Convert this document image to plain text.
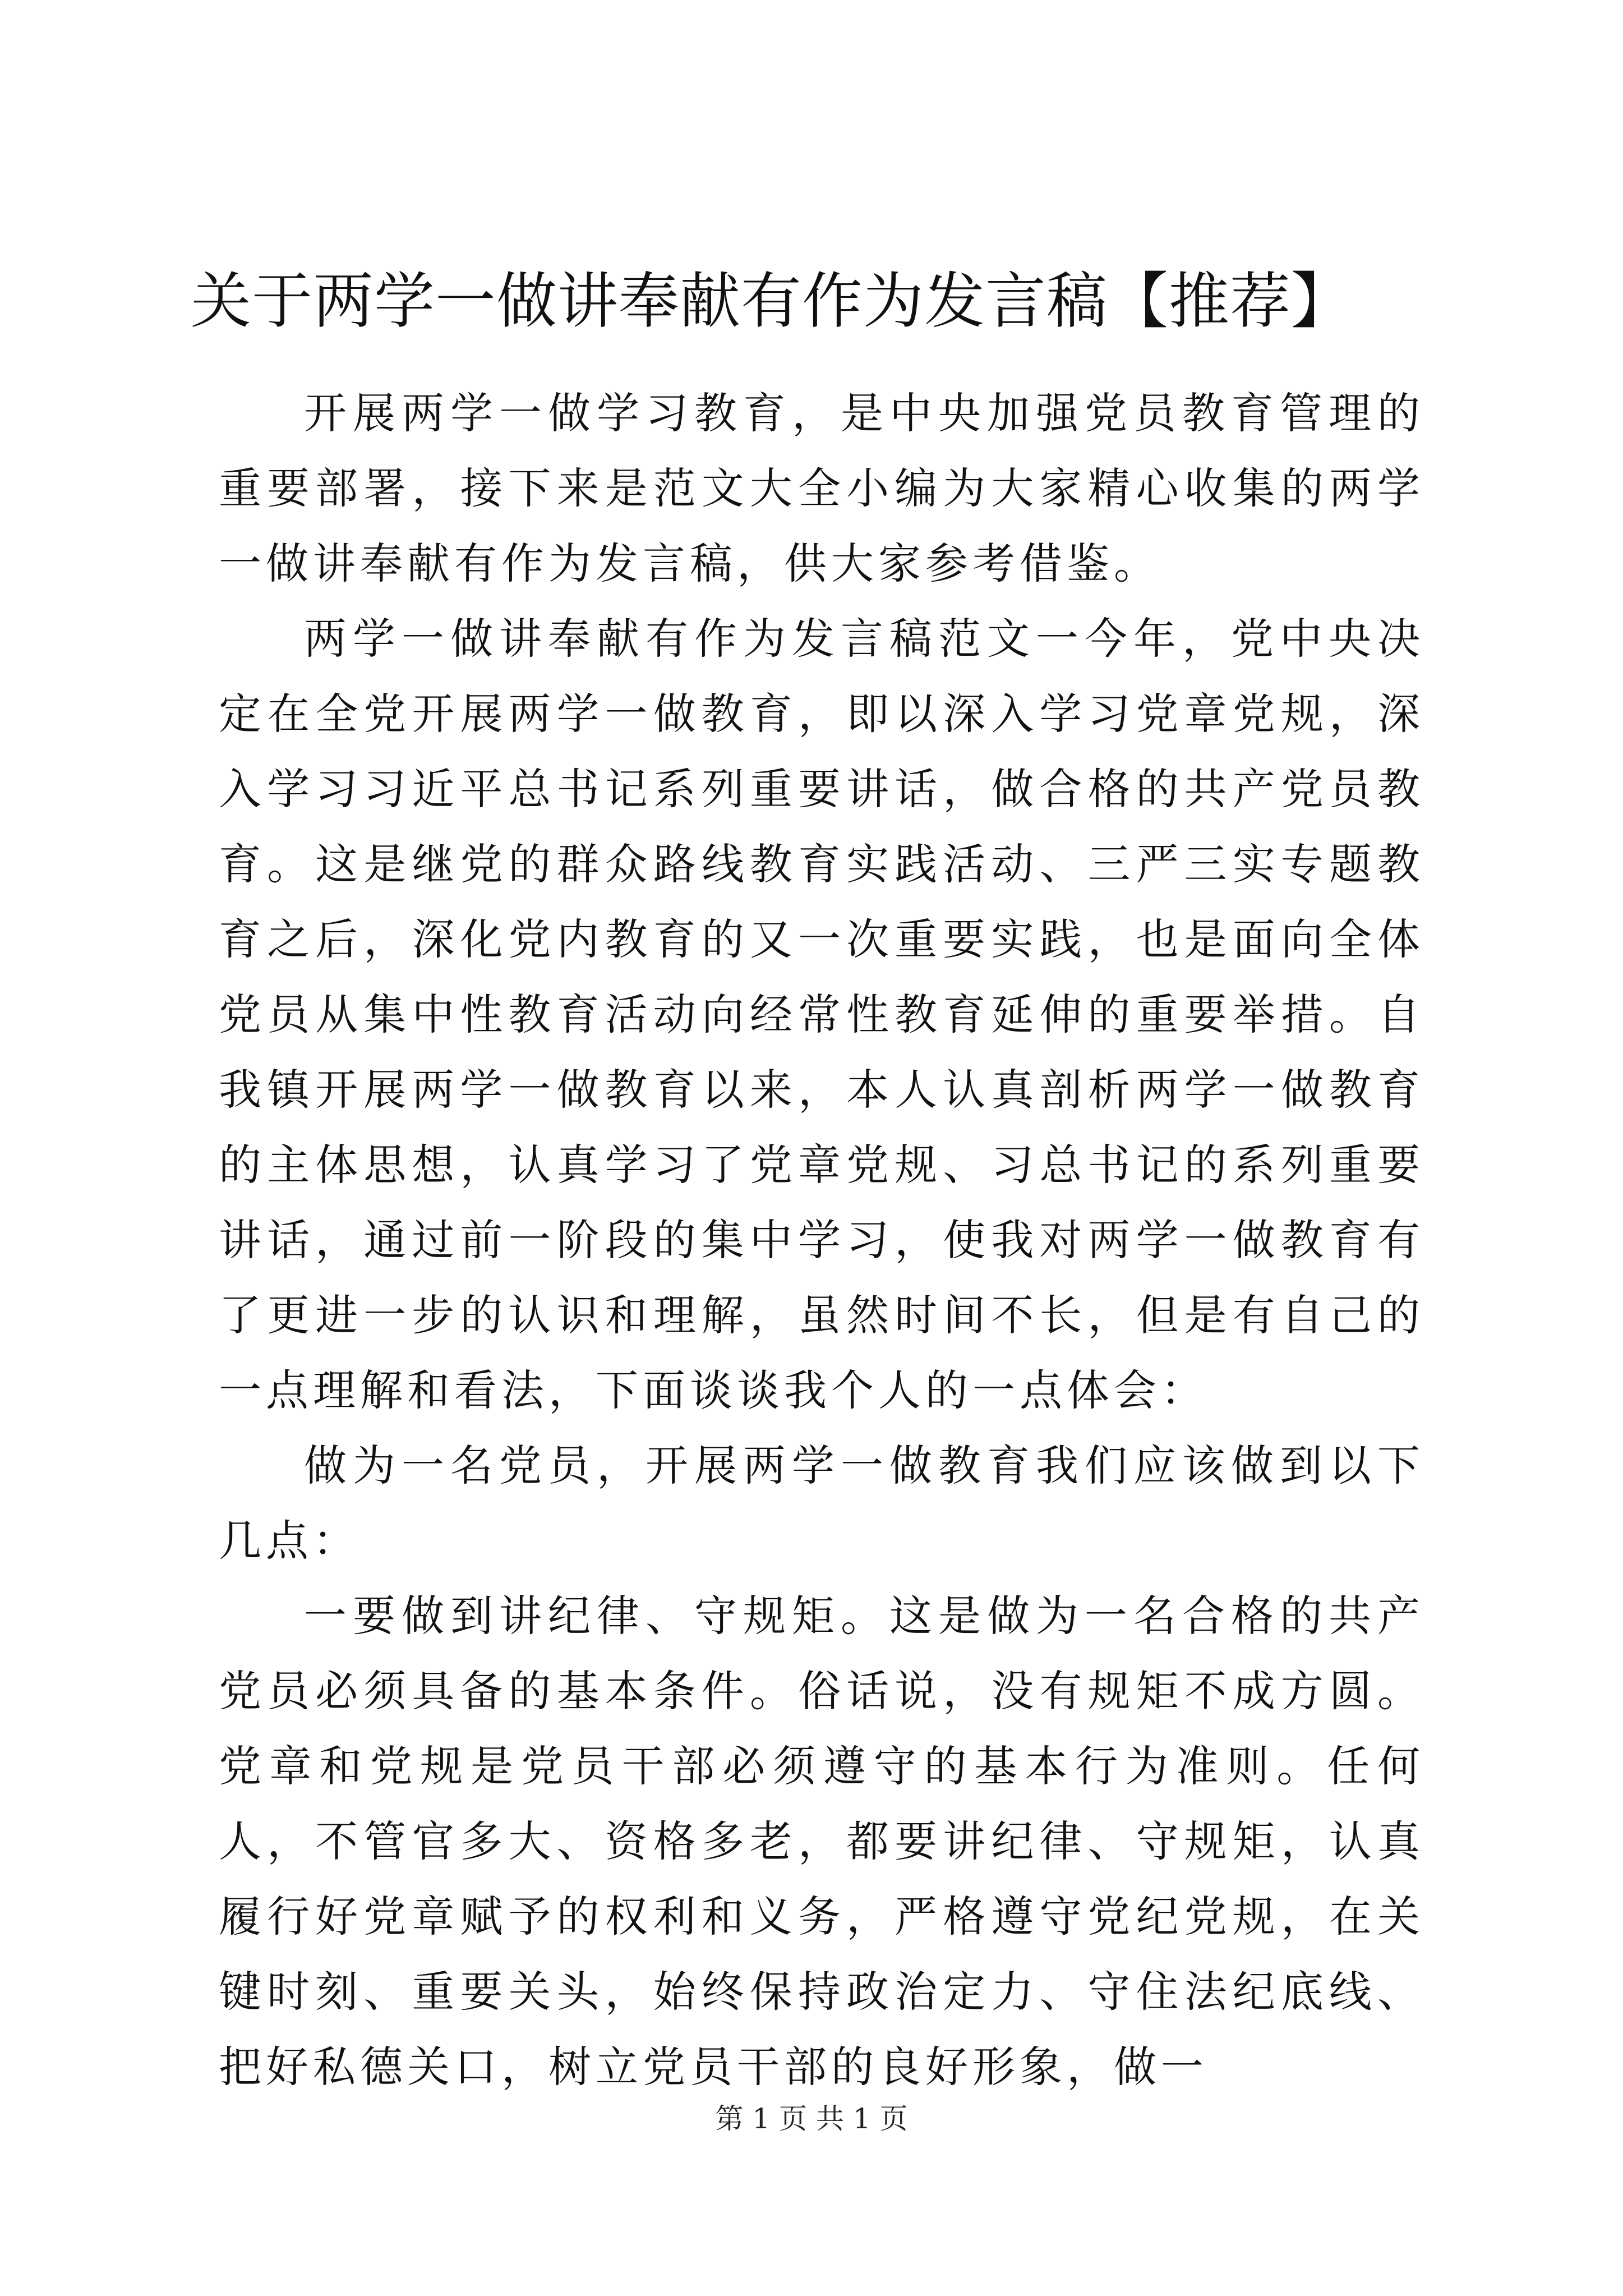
关于两学一做讲奉献有作为发言稿【推荐】

开展两学一做学习教育，是中央加强党员教育管理的重要部署，接下来是范文大全小编为大家精心收集的两学一做讲奉献有作为发言稿，供大家参考借鉴。

两学一做讲奉献有作为发言稿范文一今年，党中央决定在全党开展两学一做教育，即以深入学习党章党规，深入学习习近平总书记系列重要讲话，做合格的共产党员教育。这是继党的群众路线教育实践活动、三严三实专题教育之后，深化党内教育的又一次重要实践，也是面向全体党员从集中性教育活动向经常性教育延伸的重要举措。自我镇开展两学一做教育以来，本人认真剖析两学一做教育的主体思想，认真学习了党章党规、习总书记的系列重要讲话，通过前一阶段的集中学习，使我对两学一做教育有了更进一步的认识和理解，虽然时间不长，但是有自己的一点理解和看法，下面谈谈我个人的一点体会：

做为一名党员，开展两学一做教育我们应该做到以下几点：

一要做到讲纪律、守规矩。这是做为一名合格的共产党员必须具备的基本条件。俗话说，没有规矩不成方圆。党章和党规是党员干部必须遵守的基本行为准则。任何人，不管官多大、资格多老，都要讲纪律、守规矩，认真履行好党章赋予的权利和义务，严格遵守党纪党规，在关键时刻、重要关头，始终保持政治定力、守住法纪底线、把好私德关口，树立党员干部的良好形象，做一

第 1 页 共 1 页
